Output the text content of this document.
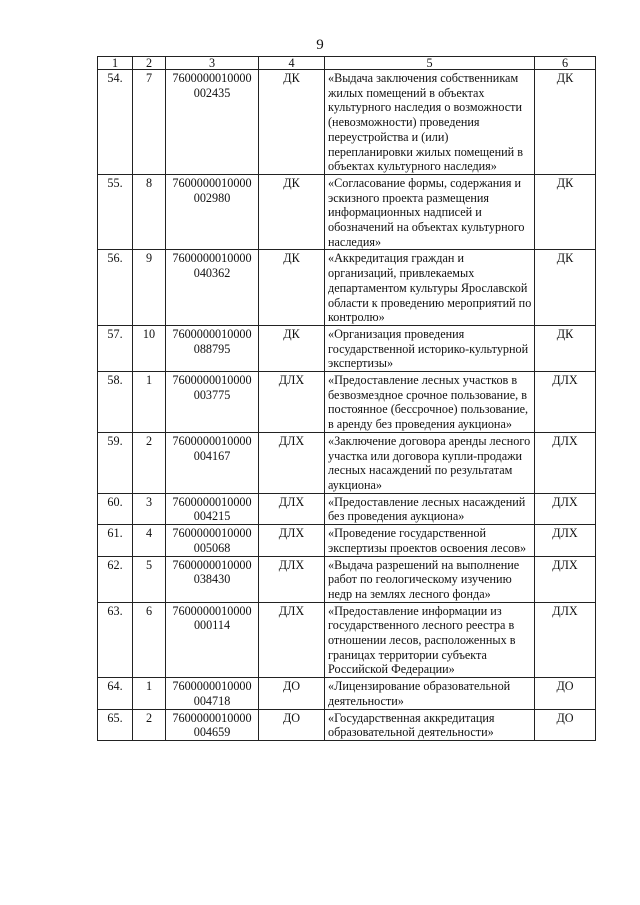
9
1	2	3	4	5	6
54.	7	7600000010000 002435	ДК	«Выдача заключения собственникам жилых помещений в объектах культурного наследия о возможности (невозможности) проведения переустройства и (или) перепланировки жилых помещений в объектах культурного наследия»	ДК
55.	8	7600000010000 002980	ДК	«Согласование формы, содержания и эскизного проекта размещения информационных надписей и обозначений на объектах культурного наследия»	ДК
56.	9	7600000010000 040362	ДК	«Аккредитация граждан и организаций, привлекаемых департаментом культуры Ярославской области к проведению мероприятий по контролю»	ДК
57.	10	7600000010000 088795	ДК	«Организация проведения государственной историко-культурной экспертизы»	ДК
58.	1	7600000010000 003775	ДЛХ	«Предоставление лесных участков в безвозмездное срочное пользование, в постоянное (бессрочное) пользование, в аренду без проведения аукциона»	ДЛХ
59.	2	7600000010000 004167	ДЛХ	«Заключение договора аренды лесного участка или договора купли-продажи лесных насаждений по результатам аукциона»	ДЛХ
60.	3	7600000010000 004215	ДЛХ	«Предоставление лесных насаждений без проведения аукциона»	ДЛХ
61.	4	7600000010000 005068	ДЛХ	«Проведение государственной экспертизы проектов освоения лесов»	ДЛХ
62.	5	7600000010000 038430	ДЛХ	«Выдача разрешений на выполнение работ по геологическому изучению недр на землях лесного фонда»	ДЛХ
63.	6	7600000010000 000114	ДЛХ	«Предоставление информации из государственного лесного реестра в отношении лесов, расположенных в границах территории субъекта Российской Федерации»	ДЛХ
64.	1	7600000010000 004718	ДО	«Лицензирование образовательной деятельности»	ДО
65.	2	7600000010000 004659	ДО	«Государственная аккредитация образовательной деятельности»	ДО
